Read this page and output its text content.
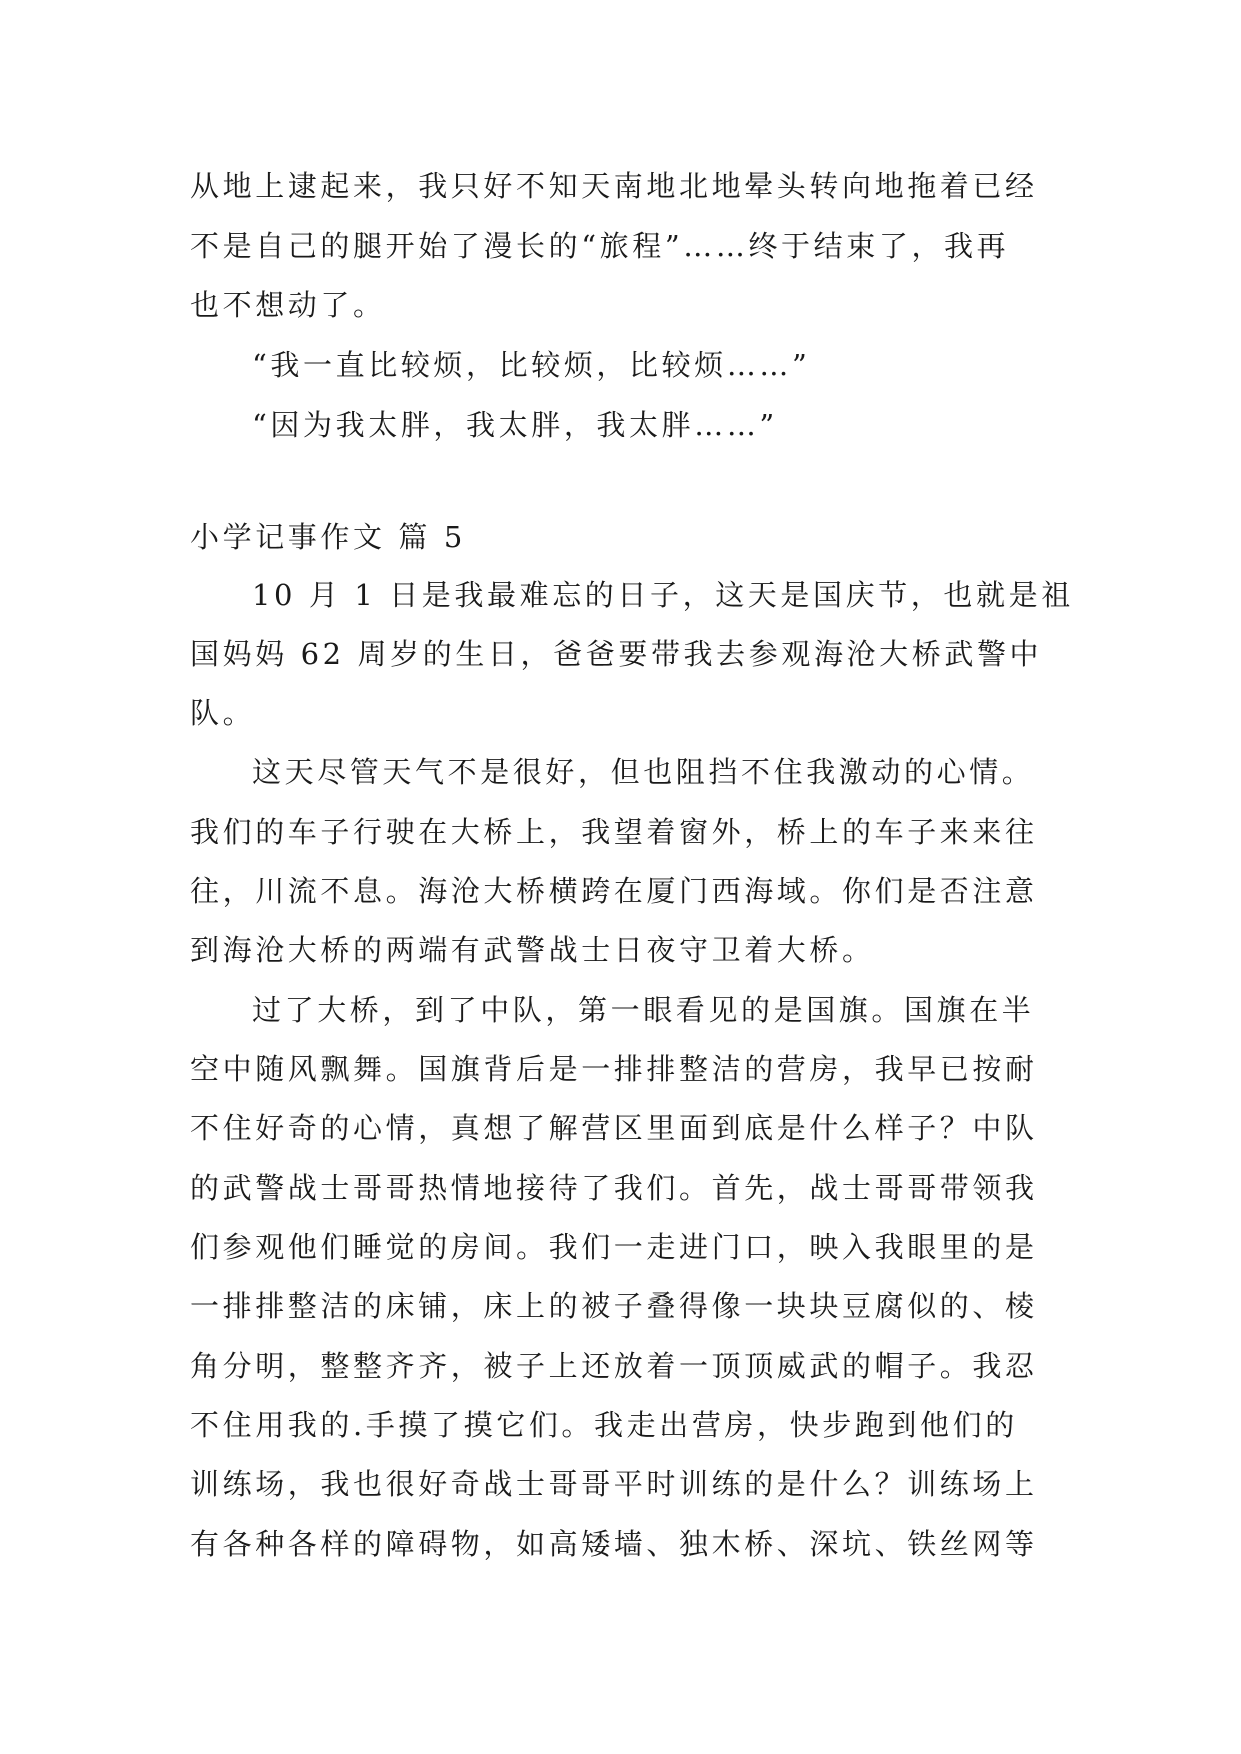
从地上逮起来，我只好不知天南地北地晕头转向地拖着已经
不是自己的腿开始了漫长的“旅程”……终于结束了，我再
也不想动了。
“我一直比较烦，比较烦，比较烦……”
“因为我太胖，我太胖，我太胖……”
小学记事作文 篇 5
10 月 1 日是我最难忘的日子，这天是国庆节，也就是祖
国妈妈 62 周岁的生日，爸爸要带我去参观海沧大桥武警中
队。
这天尽管天气不是很好，但也阻挡不住我激动的心情。
我们的车子行驶在大桥上，我望着窗外，桥上的车子来来往
往，川流不息。海沧大桥横跨在厦门西海域。你们是否注意
到海沧大桥的两端有武警战士日夜守卫着大桥。
过了大桥，到了中队，第一眼看见的是国旗。国旗在半
空中随风飘舞。国旗背后是一排排整洁的营房，我早已按耐
不住好奇的心情，真想了解营区里面到底是什么样子？中队
的武警战士哥哥热情地接待了我们。首先，战士哥哥带领我
们参观他们睡觉的房间。我们一走进门口，映入我眼里的是
一排排整洁的床铺，床上的被子叠得像一块块豆腐似的、棱
角分明，整整齐齐，被子上还放着一顶顶威武的帽子。我忍
不住用我的.手摸了摸它们。我走出营房，快步跑到他们的
训练场，我也很好奇战士哥哥平时训练的是什么？训练场上
有各种各样的障碍物，如高矮墙、独木桥、深坑、铁丝网等
